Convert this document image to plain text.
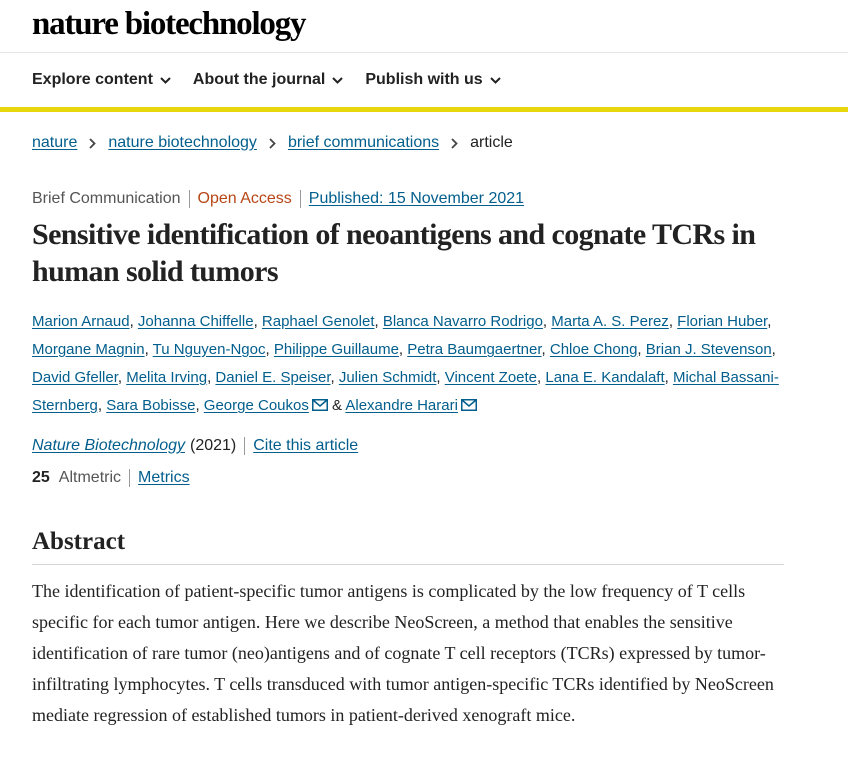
nature biotechnology
Explore content	About the journal	Publish with us
nature nature biotechnology brief communications article
Brief Communication Open Access Published: 15 November 2021
Sensitive identification of neoantigens and cognate TCRs in human solid tumors
Marion Arnaud, Johanna Chiffelle, Raphael Genolet, Blanca Navarro Rodrigo, Marta A. S. Perez, Florian Huber, Morgane Magnin, Tu Nguyen-Ngoc, Philippe Guillaume, Petra Baumgaertner, Chloe Chong, Brian J. Stevenson, David Gfeller, Melita Irving, Daniel E. Speiser, Julien Schmidt, Vincent Zoete, Lana E. Kandalaft, Michal Bassani-Sternberg, Sara Bobisse, George Coukos & Alexandre Harari
Nature Biotechnology (2021) Cite this article
25 Altmetric Metrics
Abstract

The identification of patient-specific tumor antigens is complicated by the low frequency of T cells specific for each tumor antigen. Here we describe NeoScreen, a method that enables the sensitive identification of rare tumor (neo)antigens and of cognate T cell receptors (TCRs) expressed by tumor-infiltrating lymphocytes. T cells transduced with tumor antigen-specific TCRs identified by NeoScreen mediate regression of established tumors in patient-derived xenograft mice.
